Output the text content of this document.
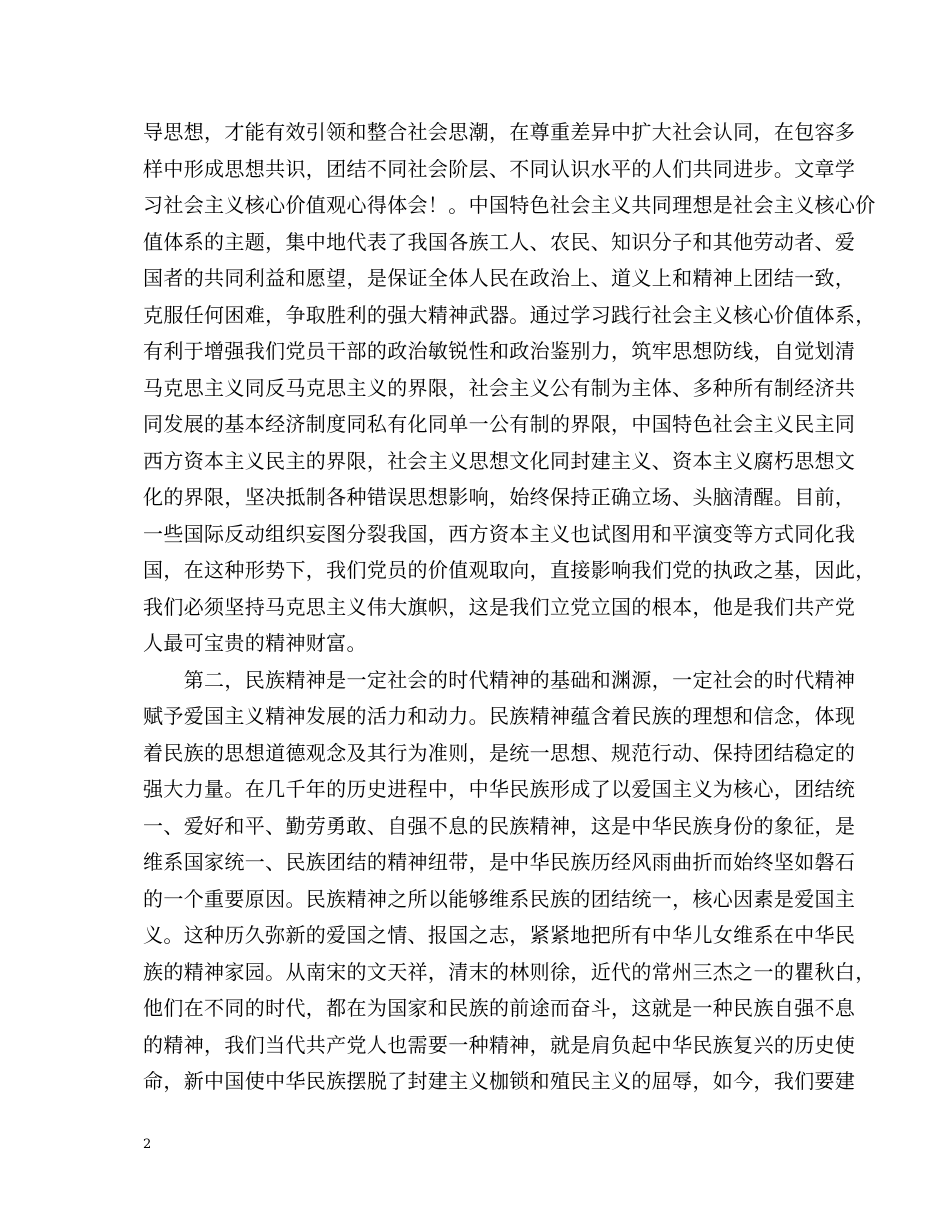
导思想，才能有效引领和整合社会思潮，在尊重差异中扩大社会认同，在包容多
样中形成思想共识，团结不同社会阶层、不同认识水平的人们共同进步。文章学
习社会主义核心价值观心得体会！。中国特色社会主义共同理想是社会主义核心价
值体系的主题，集中地代表了我国各族工人、农民、知识分子和其他劳动者、爱
国者的共同利益和愿望，是保证全体人民在政治上、道义上和精神上团结一致，
克服任何困难，争取胜利的强大精神武器。通过学习践行社会主义核心价值体系，
有利于增强我们党员干部的政治敏锐性和政治鉴别力，筑牢思想防线，自觉划清
马克思主义同反马克思主义的界限，社会主义公有制为主体、多种所有制经济共
同发展的基本经济制度同私有化同单一公有制的界限，中国特色社会主义民主同
西方资本主义民主的界限，社会主义思想文化同封建主义、资本主义腐朽思想文
化的界限，坚决抵制各种错误思想影响，始终保持正确立场、头脑清醒。目前，
一些国际反动组织妄图分裂我国，西方资本主义也试图用和平演变等方式同化我
国，在这种形势下，我们党员的价值观取向，直接影响我们党的执政之基，因此，
我们必须坚持马克思主义伟大旗帜，这是我们立党立国的根本，他是我们共产党
人最可宝贵的精神财富。
　　第二，民族精神是一定社会的时代精神的基础和渊源，一定社会的时代精神
赋予爱国主义精神发展的活力和动力。民族精神蕴含着民族的理想和信念，体现
着民族的思想道德观念及其行为准则，是统一思想、规范行动、保持团结稳定的
强大力量。在几千年的历史进程中，中华民族形成了以爱国主义为核心，团结统
一、爱好和平、勤劳勇敢、自强不息的民族精神，这是中华民族身份的象征，是
维系国家统一、民族团结的精神纽带，是中华民族历经风雨曲折而始终坚如磐石
的一个重要原因。民族精神之所以能够维系民族的团结统一，核心因素是爱国主
义。这种历久弥新的爱国之情、报国之志，紧紧地把所有中华儿女维系在中华民
族的精神家园。从南宋的文天祥，清末的林则徐，近代的常州三杰之一的瞿秋白，
他们在不同的时代，都在为国家和民族的前途而奋斗，这就是一种民族自强不息
的精神，我们当代共产党人也需要一种精神，就是肩负起中华民族复兴的历史使
命，新中国使中华民族摆脱了封建主义枷锁和殖民主义的屈辱，如今，我们要建
2
